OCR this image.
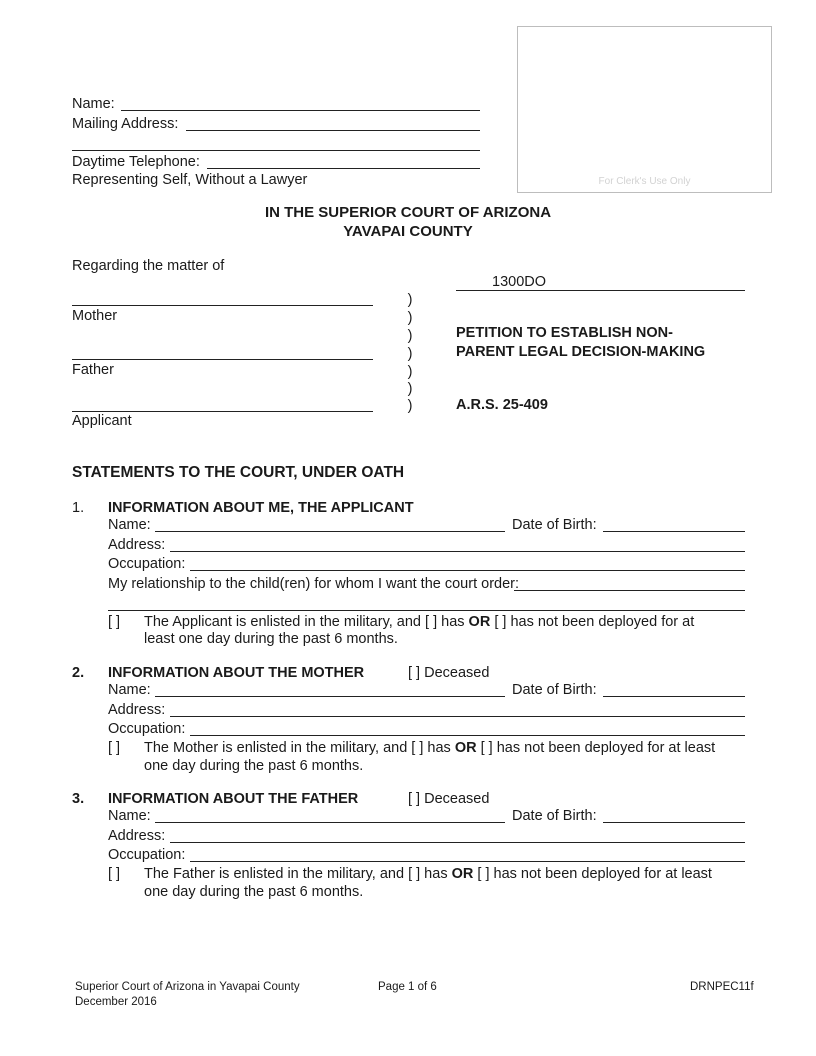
Name:
Mailing Address:
Daytime Telephone:
Representing Self, Without a Lawyer	For Clerk's Use Only
IN THE SUPERIOR COURT OF ARIZONA
YAVAPAI COUNTY
Regarding the matter of
1300DO
Mother
Father
Applicant
)
)
)
)
)
)
)
PETITION TO ESTABLISH NON-
PARENT LEGAL DECISION-MAKING
A.R.S. 25-409
STATEMENTS TO THE COURT, UNDER OATH
1. INFORMATION ABOUT ME, THE APPLICANT
Name:	Date of Birth:
Address:
Occupation:
My relationship to the child(ren) for whom I want the court order:
[ ] The Applicant is enlisted in the military, and [ ] has OR [ ] has not been deployed for at
least one day during the past 6 months.
2. INFORMATION ABOUT THE MOTHER	[ ] Deceased
Name:	Date of Birth:
Address:
Occupation:
[ ] The Mother is enlisted in the military, and [ ] has OR [ ] has not been deployed for at least
one day during the past 6 months.
3. INFORMATION ABOUT THE FATHER	[ ] Deceased
Name:	Date of Birth:
Address:
Occupation:
[ ] The Father is enlisted in the military, and [ ] has OR [ ] has not been deployed for at least
one day during the past 6 months.
Superior Court of Arizona in Yavapai County
December 2016
Page 1 of 6	DRNPEC11f
